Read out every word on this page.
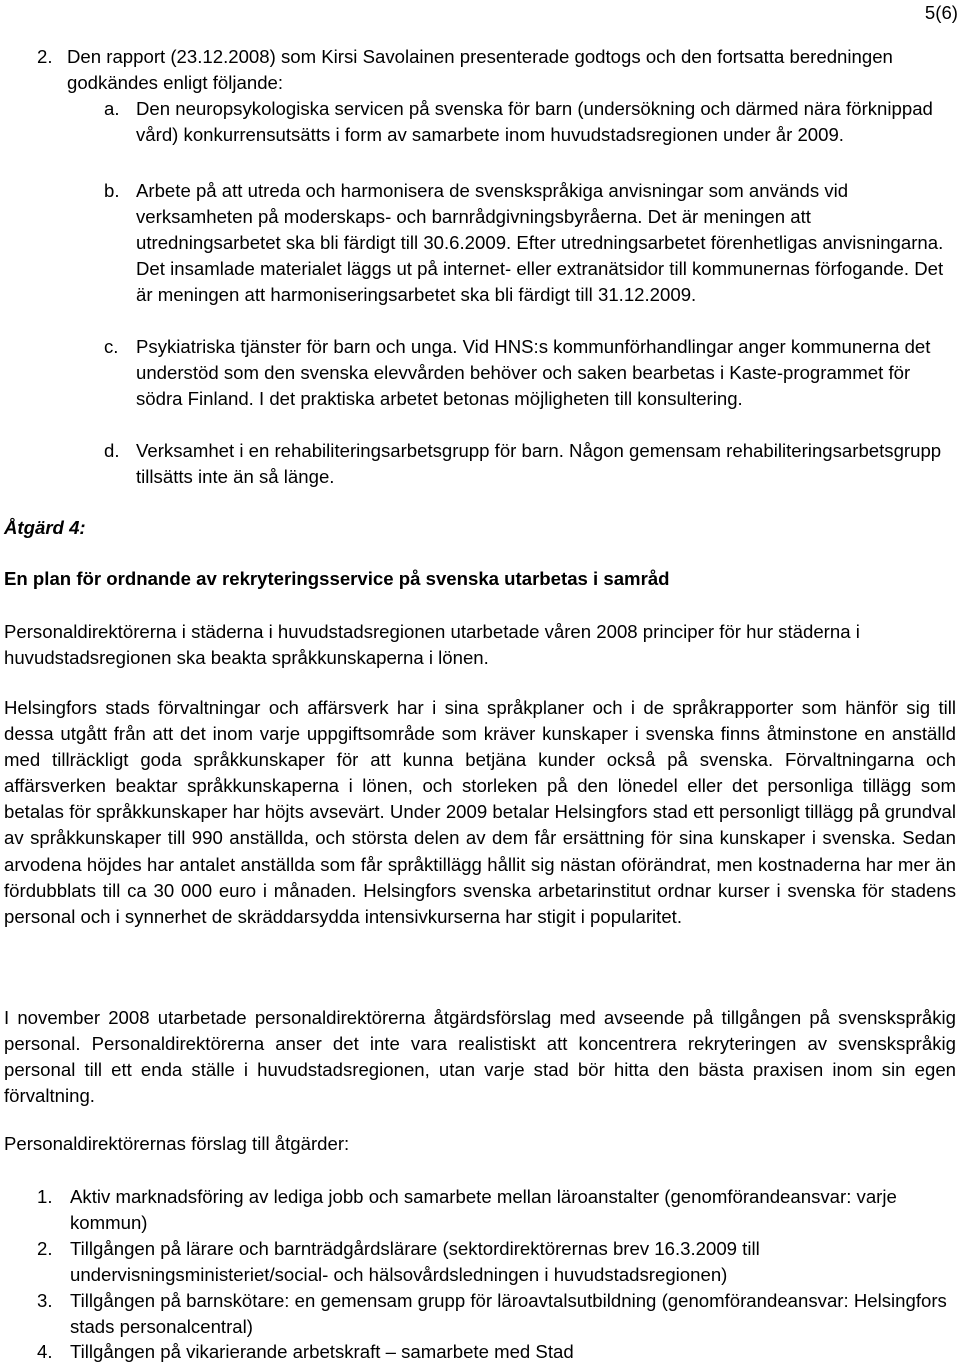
5(6)
2. Den rapport (23.12.2008) som Kirsi Savolainen presenterade godtogs och den fortsatta beredningen godkändes enligt följande:
a. Den neuropsykologiska servicen på svenska för barn (undersökning och därmed nära förknippad vård) konkurrensutsätts i form av samarbete inom huvudstadsregionen under år 2009.
b. Arbete på att utreda och harmonisera de svenskspråkiga anvisningar som används vid verksamheten på moderskaps- och barnrådgivningsbyråerna. Det är meningen att utredningsarbetet ska bli färdigt till 30.6.2009. Efter utredningsarbetet förenhetligas anvisningarna. Det insamlade materialet läggs ut på internet- eller extranätsidor till kommunernas förfogande. Det är meningen att harmoniseringsarbetet ska bli färdigt till 31.12.2009.
c. Psykiatriska tjänster för barn och unga. Vid HNS:s kommunförhandlingar anger kommunerna det understöd som den svenska elevvården behöver och saken bearbetas i Kaste-programmet för södra Finland. I det praktiska arbetet betonas möjligheten till konsultering.
d. Verksamhet i en rehabiliteringsarbetsgrupp för barn. Någon gemensam rehabiliteringsarbetsgrupp tillsätts inte än så länge.
Åtgärd 4:
En plan för ordnande av rekryteringsservice på svenska utarbetas i samråd
Personaldirektörerna i städerna i huvudstadsregionen utarbetade våren 2008 principer för hur städerna i huvudstadsregionen ska beakta språkkunskaperna i lönen.
Helsingfors stads förvaltningar och affärsverk har i sina språkplaner och i de språkrapporter som hänför sig till dessa utgått från att det inom varje uppgiftsområde som kräver kunskaper i svenska finns åtminstone en anställd med tillräckligt goda språkkunskaper för att kunna betjäna kunder också på svenska. Förvaltningarna och affärsverken beaktar språkkunskaperna i lönen, och storleken på den lönedel eller det personliga tillägg som betalas för språkkunskaper har höjts avsevärt. Under 2009 betalar Helsingfors stad ett personligt tillägg på grundval av språkkunskaper till 990 anställda, och största delen av dem får ersättning för sina kunskaper i svenska. Sedan arvodena höjdes har antalet anställda som får språktillägg hållit sig nästan oförändrat, men kostnaderna har mer än fördubblats till ca 30 000 euro i månaden. Helsingfors svenska arbetarinstitut ordnar kurser i svenska för stadens personal och i synnerhet de skräddarsydda intensivkurserna har stigit i popularitet.
I november 2008 utarbetade personaldirektörerna åtgärdsförslag med avseende på tillgången på svenskspråkig personal. Personaldirektörerna anser det inte vara realistiskt att koncentrera rekryteringen av svenskspråkig personal till ett enda ställe i huvudstadsregionen, utan varje stad bör hitta den bästa praxisen inom sin egen förvaltning.
Personaldirektörernas förslag till åtgärder:
1. Aktiv marknadsföring av lediga jobb och samarbete mellan läroanstalter (genomförandeansvar: varje kommun)
2. Tillgången på lärare och barnträdgårdslärare (sektordirektörernas brev 16.3.2009 till undervisningsministeriet/social- och hälsovårdsledningen i huvudstadsregionen)
3. Tillgången på barnskötare: en gemensam grupp för läroavtalsutbildning (genomförandeansvar: Helsingfors stads personalcentral)
4. Tillgången på vikarierande arbetskraft – samarbete med Stad
